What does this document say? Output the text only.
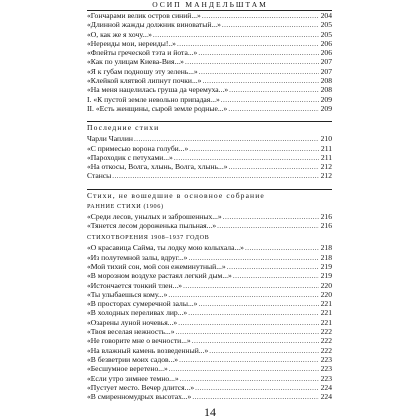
ОСИП МАНДЕЛЬШТАМ
«Гончарами велик остров синий...» .....	204
«Длинной жажды должник виноватый...» .....	205
«О, как же я хочу...» .....	205
«Нереиды мои, нереиды!..» .....	206
«Флейты греческой тэта и йота...» .....	206
«Как по улицам Киева-Вия...» .....	207
«Я к губам подношу эту зелень...» .....	207
«Клейкой клятвой липнут почки...» .....	208
«На меня нацелилась груша да черемуха...» .....	208
I. «К пустой земле невольно припадая...» .....	209
II. «Есть женщины, сырой земле родные...» .....	209
Последние стихи
Чарли Чаплин .....	210
«С примесью ворона голуби...» .....	211
«Пароходик с петухами...» .....	211
«На откосы, Волга, хлынь, Волга, хлынь...» .....	212
Стансы .....	212
Стихи, не вошедшие в основное собрание
РАННИЕ СТИХИ (1906)
«Среди лесов, унылых и заброшенных...» .....	216
«Тянется лесом дороженька пыльная...» .....	216
СТИХОТВОРЕНИЯ 1908–1937 ГОДОВ
«О красавица Сайма, ты лодку мою колыхала...» .....	218
«Из полутемной залы, вдруг...» .....	218
«Мой тихий сон, мой сон ежеминутный...» .....	219
«В морозном воздухе растаял легкий дым...» .....	219
«Истончается тонкий тлен...» .....	220
«Ты улыбаешься кому...» .....	220
«В просторах сумеречной залы...» .....	221
«В холодных переливах лир...» .....	221
«Озарены луной ночевья...» .....	221
«Твоя веселая нежность...» .....	222
«Не говорите мне о вечности...» .....	222
«На влажный камень возведенный...» .....	222
«В безветрии моих садов...» .....	223
«Бесшумное веретено...» .....	223
«Если утро зимнее темно...» .....	223
«Пустует место. Вечер длится...» .....	224
«В смиренномудрых высотах...» .....	224
14
